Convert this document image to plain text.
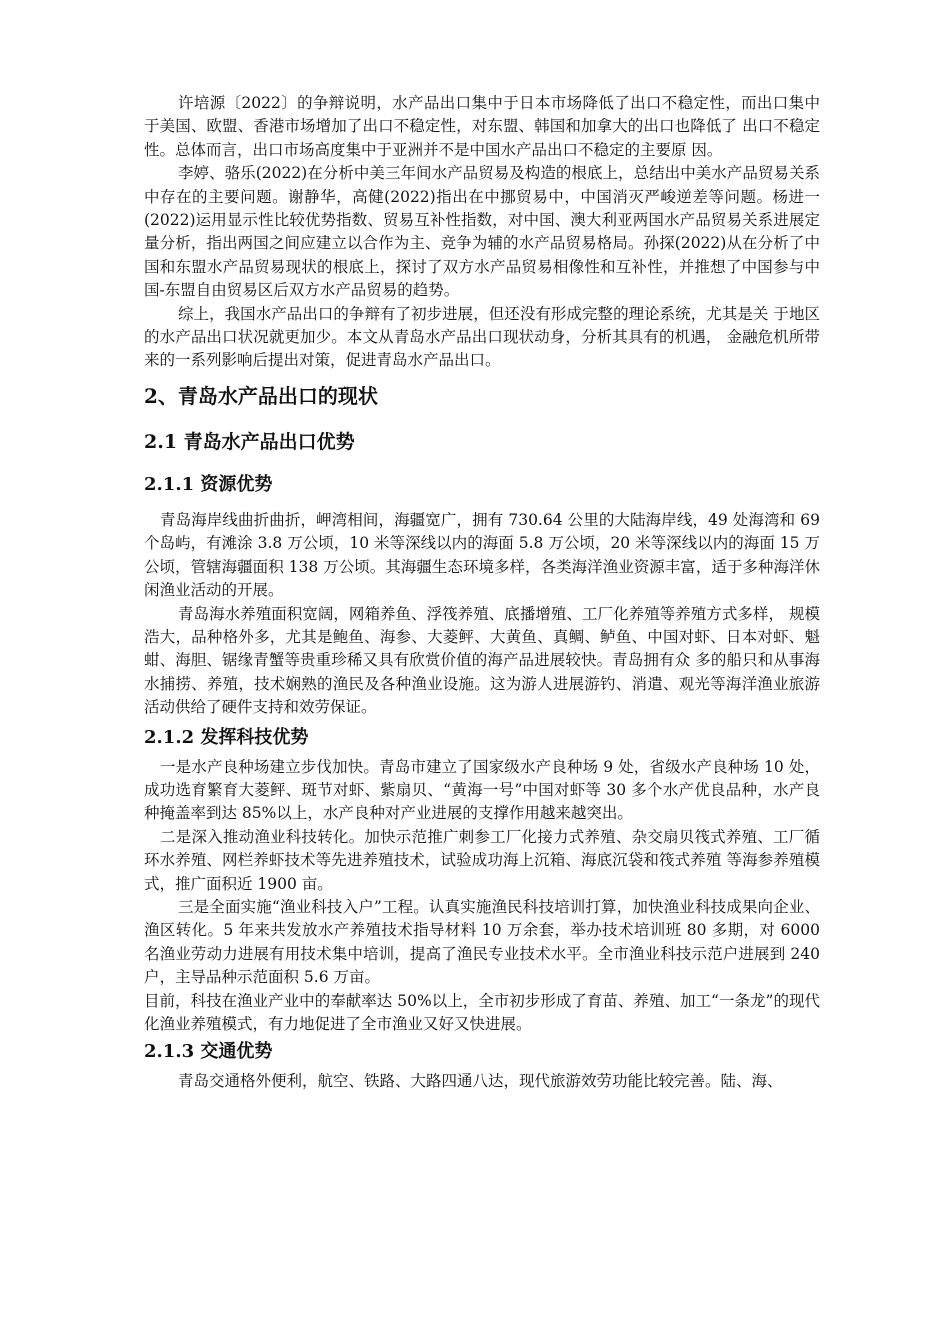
许培源〔2022〕的争辩说明，水产品出口集中于日本市场降低了出口不稳定性，而出口集中于美国、欧盟、香港市场增加了出口不稳定性，对东盟、韩国和加拿大的出口也降低了 出口不稳定性。总体而言，出口市场高度集中于亚洲并不是中国水产品出口不稳定的主要原 因。

李婷、骆乐(2022)在分析中美三年间水产品贸易及构造的根底上，总结出中美水产品贸易关系中存在的主要问题。谢静华，高健(2022)指出在中挪贸易中，中国消灭严峻逆差等问题。杨进一(2022)运用显示性比较优势指数、贸易互补性指数，对中国、澳大利亚两国水产品贸易关系进展定量分析，指出两国之间应建立以合作为主、竞争为辅的水产品贸易格局。孙探(2022)从在分析了中国和东盟水产品贸易现状的根底上，探讨了双方水产品贸易相像性和互补性，并推想了中国参与中国-东盟自由贸易区后双方水产品贸易的趋势。

综上，我国水产品出口的争辩有了初步进展，但还没有形成完整的理论系统，尤其是关 于地区的水产品出口状况就更加少。本文从青岛水产品出口现状动身，分析其具有的机遇， 金融危机所带来的一系列影响后提出对策，促进青岛水产品出口。

2、青岛水产品出口的现状
2.1 青岛水产品出口优势
2.1.1 资源优势

青岛海岸线曲折曲折，岬湾相间，海疆宽广，拥有 730.64 公里的大陆海岸线，49 处海湾和 69 个岛屿，有滩涂 3.8 万公顷，10 米等深线以内的海面 5.8 万公顷，20 米等深线以内的海面 15 万公顷，管辖海疆面积 138 万公顷。其海疆生态环境多样，各类海洋渔业资源丰富，适于多种海洋休闲渔业活动的开展。

青岛海水养殖面积宽阔，网箱养鱼、浮筏养殖、底播增殖、工厂化养殖等养殖方式多样， 规模浩大，品种格外多，尤其是鲍鱼、海参、大菱鲆、大黄鱼、真鲷、鲈鱼、中国对虾、日本对虾、魁蚶、海胆、锯缘青蟹等贵重珍稀又具有欣赏价值的海产品进展较快。青岛拥有众 多的船只和从事海水捕捞、养殖，技术娴熟的渔民及各种渔业设施。这为游人进展游钓、消遣、观光等海洋渔业旅游活动供给了硬件支持和效劳保证。

2.1.2 发挥科技优势

一是水产良种场建立步伐加快。青岛市建立了国家级水产良种场 9 处，省级水产良种场 10 处，成功选育繁育大菱鲆、斑节对虾、紫扇贝、“黄海一号”中国对虾等 30 多个水产优良品种，水产良种掩盖率到达 85%以上，水产良种对产业进展的支撑作用越来越突出。

二是深入推动渔业科技转化。加快示范推广刺参工厂化接力式养殖、杂交扇贝筏式养殖、工厂循环水养殖、网栏养虾技术等先进养殖技术，试验成功海上沉箱、海底沉袋和筏式养殖 等海参养殖模式，推广面积近 1900 亩。

三是全面实施“渔业科技入户”工程。认真实施渔民科技培训打算，加快渔业科技成果向企业、渔区转化。5 年来共发放水产养殖技术指导材料 10 万余套，举办技术培训班 80 多期，对 6000 名渔业劳动力进展有用技术集中培训，提高了渔民专业技术水平。全市渔业科技示范户进展到 240 户，主导品种示范面积 5.6 万亩。

目前，科技在渔业产业中的奉献率达 50%以上，全市初步形成了育苗、养殖、加工“一条龙”的现代化渔业养殖模式，有力地促进了全市渔业又好又快进展。

2.1.3 交通优势

青岛交通格外便利，航空、铁路、大路四通八达，现代旅游效劳功能比较完善。陆、海、
